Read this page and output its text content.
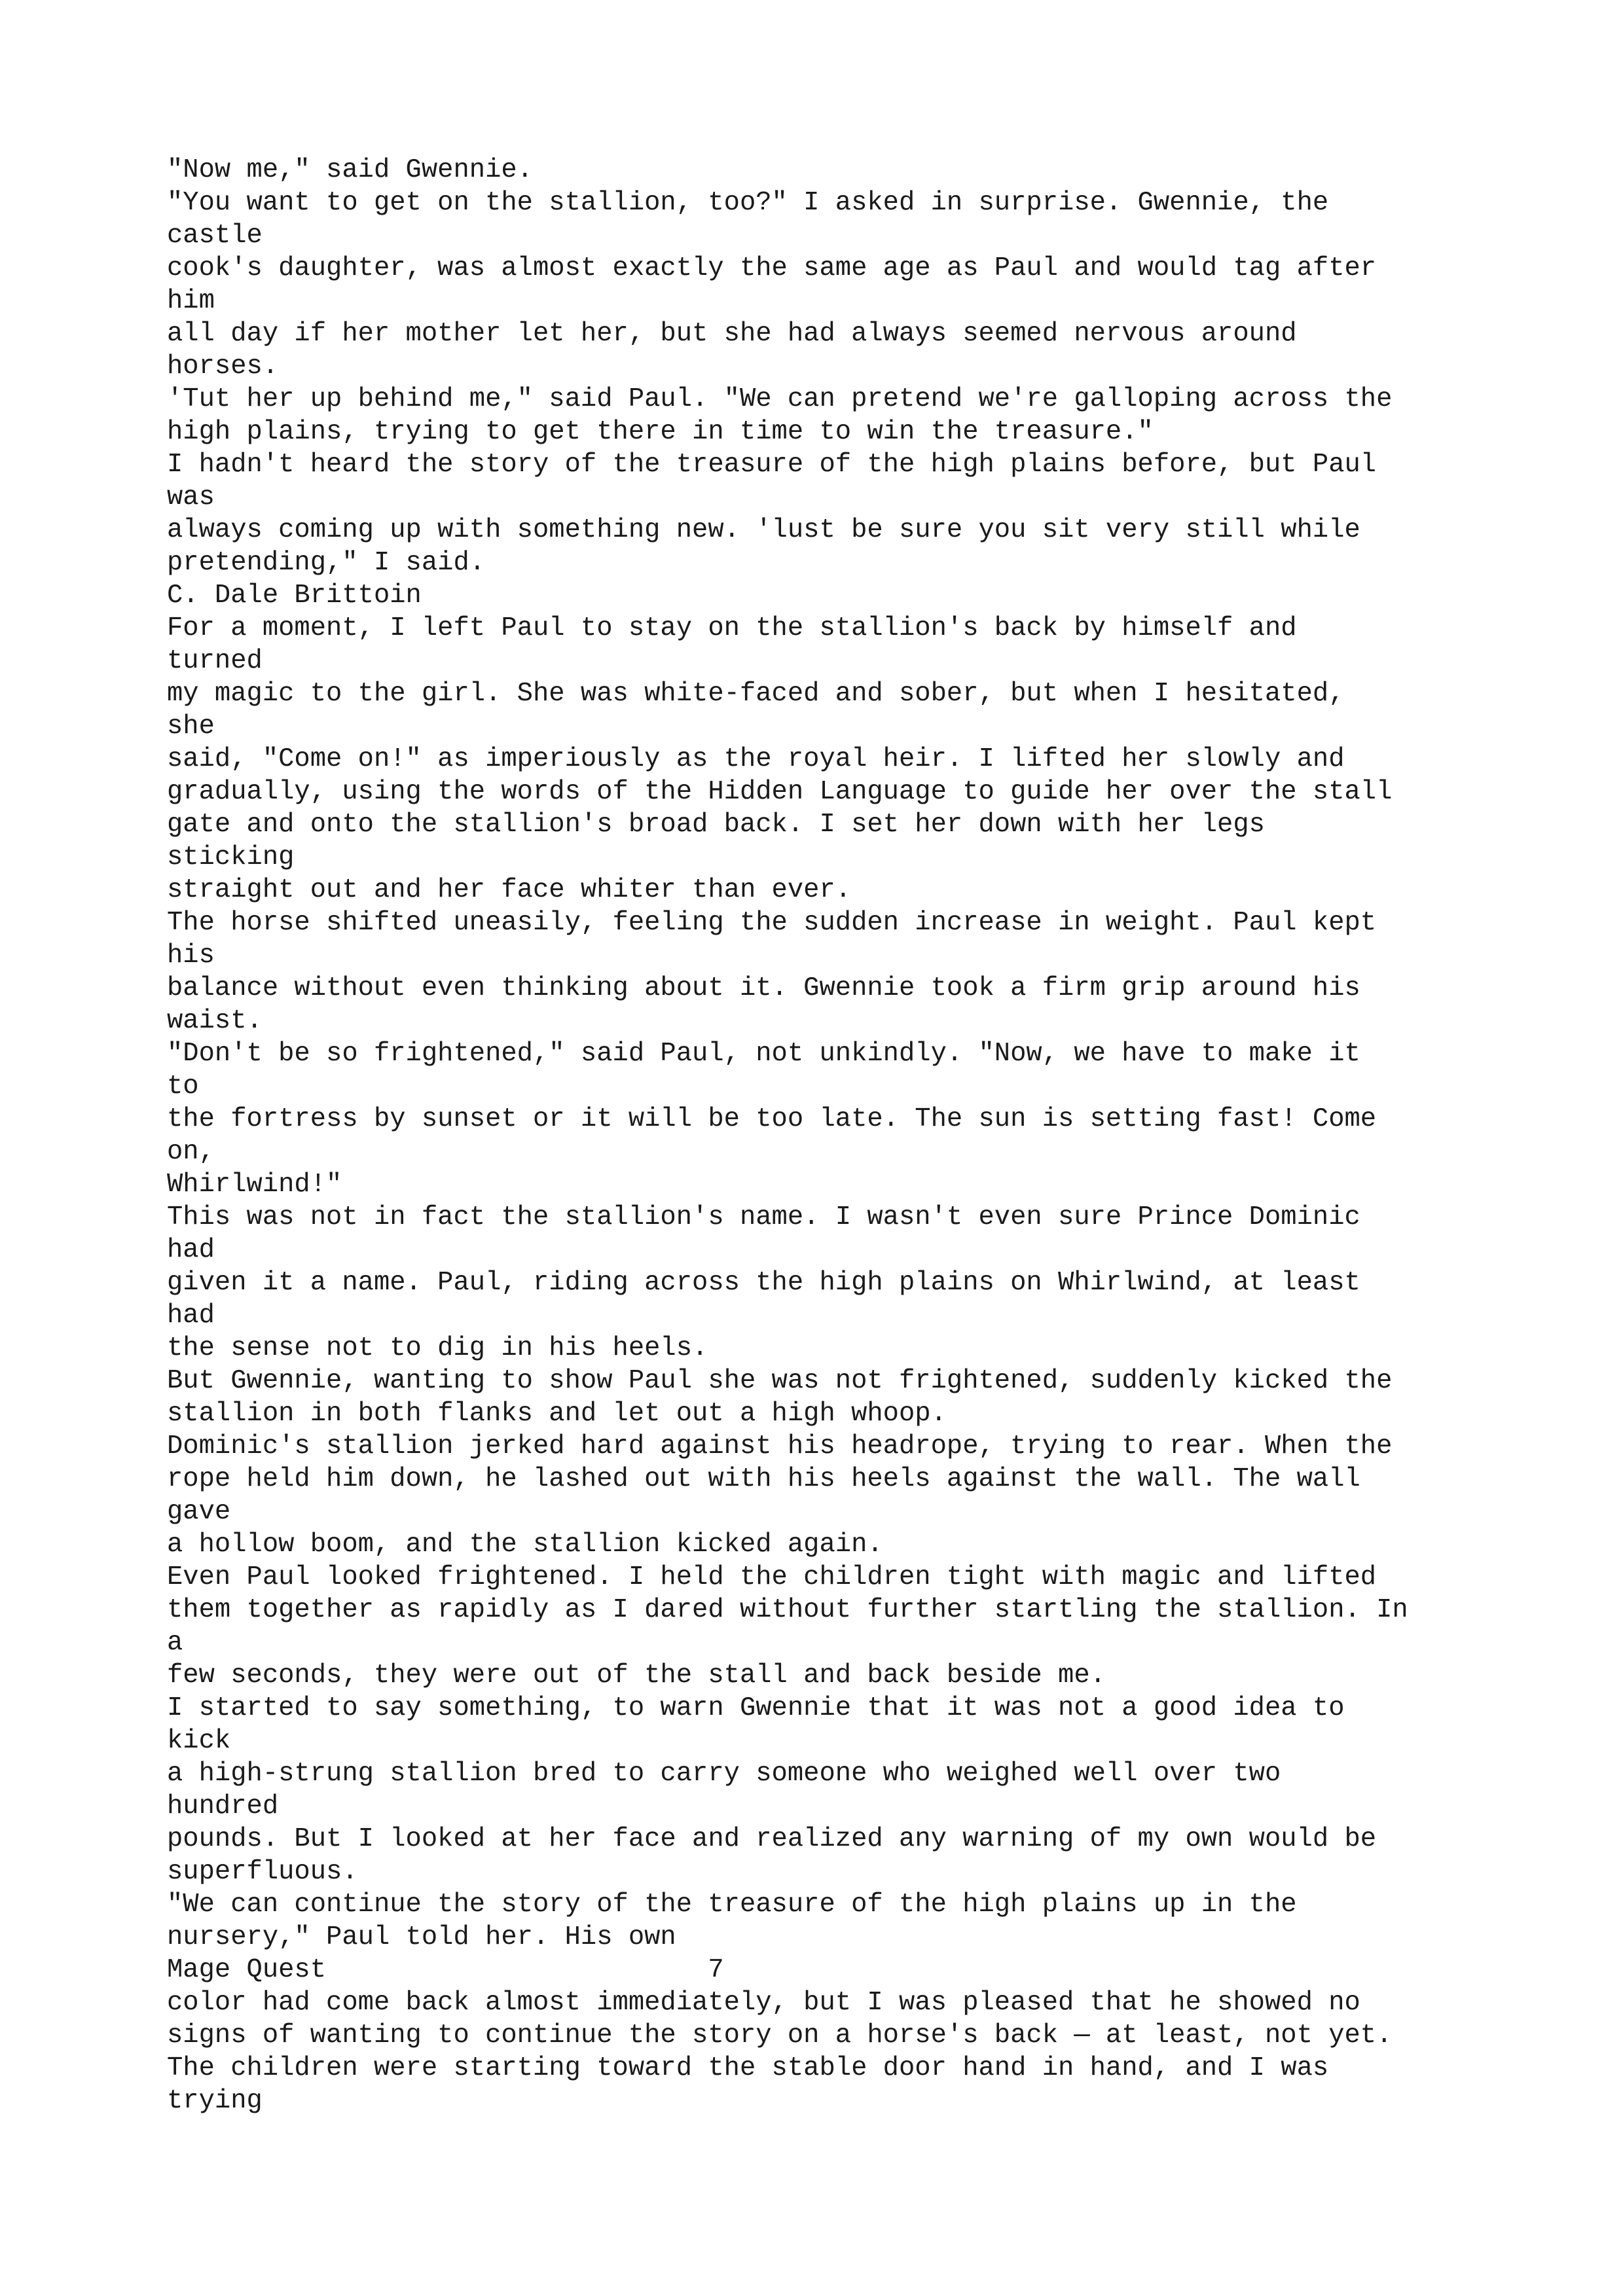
"Now me," said Gwennie.
"You want to get on the stallion, too?" I asked in surprise. Gwennie, the
castle
cook's daughter, was almost exactly the same age as Paul and would tag after
him
all day if her mother let her, but she had always seemed nervous around
horses.
'Tut her up behind me," said Paul. "We can pretend we're galloping across the
high plains, trying to get there in time to win the treasure."
I hadn't heard the story of the treasure of the high plains before, but Paul
was
always coming up with something new. 'lust be sure you sit very still while
pretending," I said.
C. Dale Brittoin
For a moment, I left Paul to stay on the stallion's back by himself and
turned
my magic to the girl. She was white-faced and sober, but when I hesitated,
she
said, "Come on!" as imperiously as the royal heir. I lifted her slowly and
gradually, using the words of the Hidden Language to guide her over the stall
gate and onto the stallion's broad back. I set her down with her legs
sticking
straight out and her face whiter than ever.
The horse shifted uneasily, feeling the sudden increase in weight. Paul kept
his
balance without even thinking about it. Gwennie took a firm grip around his
waist.
"Don't be so frightened," said Paul, not unkindly. "Now, we have to make it
to
the fortress by sunset or it will be too late. The sun is setting fast! Come
on,
Whirlwind!"
This was not in fact the stallion's name. I wasn't even sure Prince Dominic
had
given it a name. Paul, riding across the high plains on Whirlwind, at least
had
the sense not to dig in his heels.
But Gwennie, wanting to show Paul she was not frightened, suddenly kicked the
stallion in both flanks and let out a high whoop.
Dominic's stallion jerked hard against his headrope, trying to rear. When the
rope held him down, he lashed out with his heels against the wall. The wall
gave
a hollow boom, and the stallion kicked again.
Even Paul looked frightened. I held the children tight with magic and lifted
them together as rapidly as I dared without further startling the stallion. In
a
few seconds, they were out of the stall and back beside me.
I started to say something, to warn Gwennie that it was not a good idea to
kick
a high-strung stallion bred to carry someone who weighed well over two
hundred
pounds. But I looked at her face and realized any warning of my own would be
superfluous.
"We can continue the story of the treasure of the high plains up in the
nursery," Paul told her. His own
Mage Quest                        7
color had come back almost immediately, but I was pleased that he showed no
signs of wanting to continue the story on a horse's back — at least, not yet.
The children were starting toward the stable door hand in hand, and I was
trying
